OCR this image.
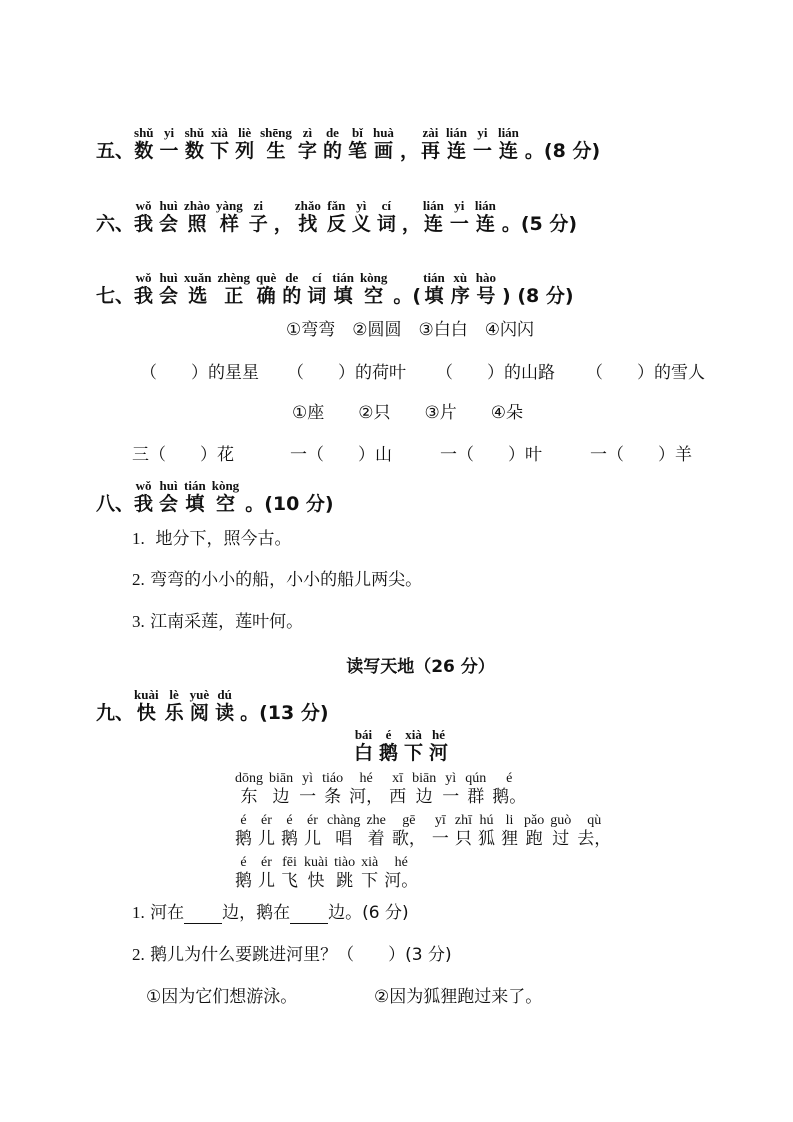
五、
shǔ
数
yi
一
shǔ
数
xià
下
liè
列
shēng
生
zì
字
de
的
bǐ
笔
huà
画 ，
zài
再
lián
连
yi
一
lián
连 。(8 分)
六、
wǒ
我
huì
会
zhào
照
yàng
样
zi
子 ，
zhǎo
找
fǎn
反
yì
义
cí
词 ，
lián
连
yi
一
lián
连 。(5 分)
七、
wǒ
我
huì
会
xuǎn
选
zhèng
正
què
确
de
的
cí
词
tián
填
kòng
空 。(
tián
填
xù
序
hào
号 ) (8 分)
①弯弯　②圆圆　③白白　④闪闪
（　　）的星星 （　　）的荷叶 （　　）的山路 （　　）的雪人
①座　　②只　　③片　　④朵
三（　　）花	一（　　）山	一（　　）叶	一（　　）羊
八、
wǒ
我
huì
会
tián
填
kòng
空 。(10 分)
1.  地分下，照今古。
2. 弯弯的小小的船，小小的船儿两尖。
3. 江南采莲，莲叶何。
读写天地（26 分）
九、
kuài
快
lè
乐
yuè
阅
dú
读 。(13 分)
bái
白
é
鹅
xià
下
hé
河
dōng
东
biān
边
yì
一
tiáo
条
hé
河，
xī
西
biān
边
yì
一
qún
群
é
鹅。
é
鹅
ér
儿
é
鹅
ér
儿
chàng
唱
zhe
着
gē
歌，
yī
一
zhī
只
hú
狐
li
狸
pǎo
跑
guò
过
qù
去，
é
鹅
ér
儿
fēi
飞
kuài
快
tiào
跳
xià
下
hé
河。
1. 河在 边，鹅在 边。(6 分)
2. 鹅儿为什么要跳进河里？（　　）(3 分)
①因为它们想游泳。	②因为狐狸跑过来了。
